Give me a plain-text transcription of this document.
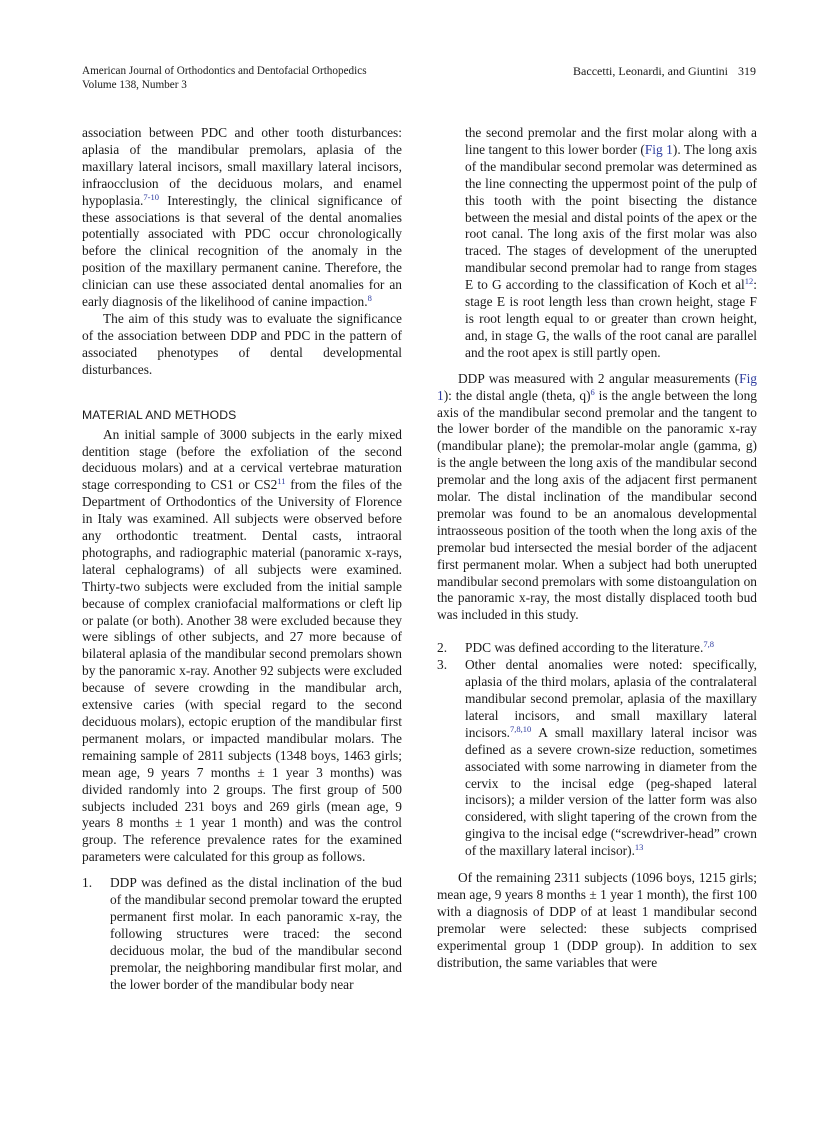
American Journal of Orthodontics and Dentofacial Orthopedics
Volume 138, Number 3
Baccetti, Leonardi, and Giuntini 319

association between PDC and other tooth disturbances: aplasia of the mandibular premolars, aplasia of the maxillary lateral incisors, small maxillary lateral incisors, infraocclusion of the deciduous molars, and enamel hypoplasia.$^{7-10}$ Interestingly, the clinical significance of these associations is that several of the dental anomalies potentially associated with PDC occur chronologically before the clinical recognition of the anomaly in the position of the maxillary permanent canine. Therefore, the clinician can use these associated dental anomalies for an early diagnosis of the likelihood of canine impaction.$^8$

The aim of this study was to evaluate the significance of the association between DDP and PDC in the pattern of associated phenotypes of dental developmental disturbances.

MATERIAL AND METHODS

An initial sample of 3000 subjects in the early mixed dentition stage (before the exfoliation of the second deciduous molars) and at a cervical vertebrae maturation stage corresponding to CS1 or $CS2^{11}$ from the files of the Department of Orthodontics of the University of Florence in Italy was examined. All subjects were observed before any orthodontic treatment. Dental casts, intraoral photographs, and radiographic material (panoramic x-rays, lateral cephalograms) of all subjects were examined. Thirty-two subjects were excluded from the initial sample because of complex craniofacial malformations or cleft lip or palate (or both). Another 38 were excluded because they were siblings of other subjects, and 27 more because of bilateral aplasia of the mandibular second premolars shown by the panoramic x-ray. Another 92 subjects were excluded because of severe crowding in the mandibular arch, extensive caries (with special regard to the second deciduous molars), ectopic eruption of the mandibular first permanent molars, or impacted mandibular molars. The remaining sample of 2811 subjects (1348 boys, 1463 girls; mean age, 9 years 7 months ± 1 year 3 months) was divided randomly into 2 groups. The first group of 500 subjects included 231 boys and 269 girls (mean age, 9 years 8 months ± 1 year 1 month) and was the control group. The reference prevalence rates for the examined parameters were calculated for this group as follows.

1. DDP was defined as the distal inclination of the bud of the mandibular second premolar toward the erupted permanent first molar. In each panoramic x-ray, the following structures were traced: the second deciduous molar, the bud of the mandibular second premolar, the neighboring mandibular first molar, and the lower border of the mandibular body near
the second premolar and the first molar along with a line tangent to this lower border (Fig 1). The long axis of the mandibular second premolar was determined as the line connecting the uppermost point of the pulp of this tooth with the point bisecting the distance between the mesial and distal points of the apex or the root canal. The long axis of the first molar was also traced. The stages of development of the unerupted mandibular second premolar had to range from stages E to G according to the classification of Koch et $al^{12}$: stage E is root length less than crown height, stage F is root length equal to or greater than crown height, and, in stage G, the walls of the root canal are parallel and the root apex is still partly open.

DDP was measured with 2 angular measurements (Fig 1): the distal angle (theta, q)$^6$ is the angle between the long axis of the mandibular second premolar and the tangent to the lower border of the mandible on the panoramic x-ray (mandibular plane); the premolar-molar angle (gamma, g) is the angle between the long axis of the mandibular second premolar and the long axis of the adjacent first permanent molar. The distal inclination of the mandibular second premolar was found to be an anomalous developmental intraosseous position of the tooth when the long axis of the premolar bud intersected the mesial border of the adjacent first permanent molar. When a subject had both unerupted mandibular second premolars with some distoangulation on the panoramic x-ray, the most distally displaced tooth bud was included in this study.

2. PDC was defined according to the literature.$^{7,8}$
3. Other dental anomalies were noted: specifically, aplasia of the third molars, aplasia of the contralateral mandibular second premolar, aplasia of the maxillary lateral incisors, and small maxillary lateral incisors.$^{7,8,10}$ A small maxillary lateral incisor was defined as a severe crown-size reduction, sometimes associated with some narrowing in diameter from the cervix to the incisal edge (peg-shaped lateral incisors); a milder version of the latter form was also considered, with slight tapering of the crown from the gingiva to the incisal edge (“screwdriver-head” crown of the maxillary lateral incisor).$^{13}$

Of the remaining 2311 subjects (1096 boys, 1215 girls; mean age, 9 years 8 months ± 1 year 1 month), the first 100 with a diagnosis of DDP of at least 1 mandibular second premolar were selected: these subjects comprised experimental group 1 (DDP group). In addition to sex distribution, the same variables that were
